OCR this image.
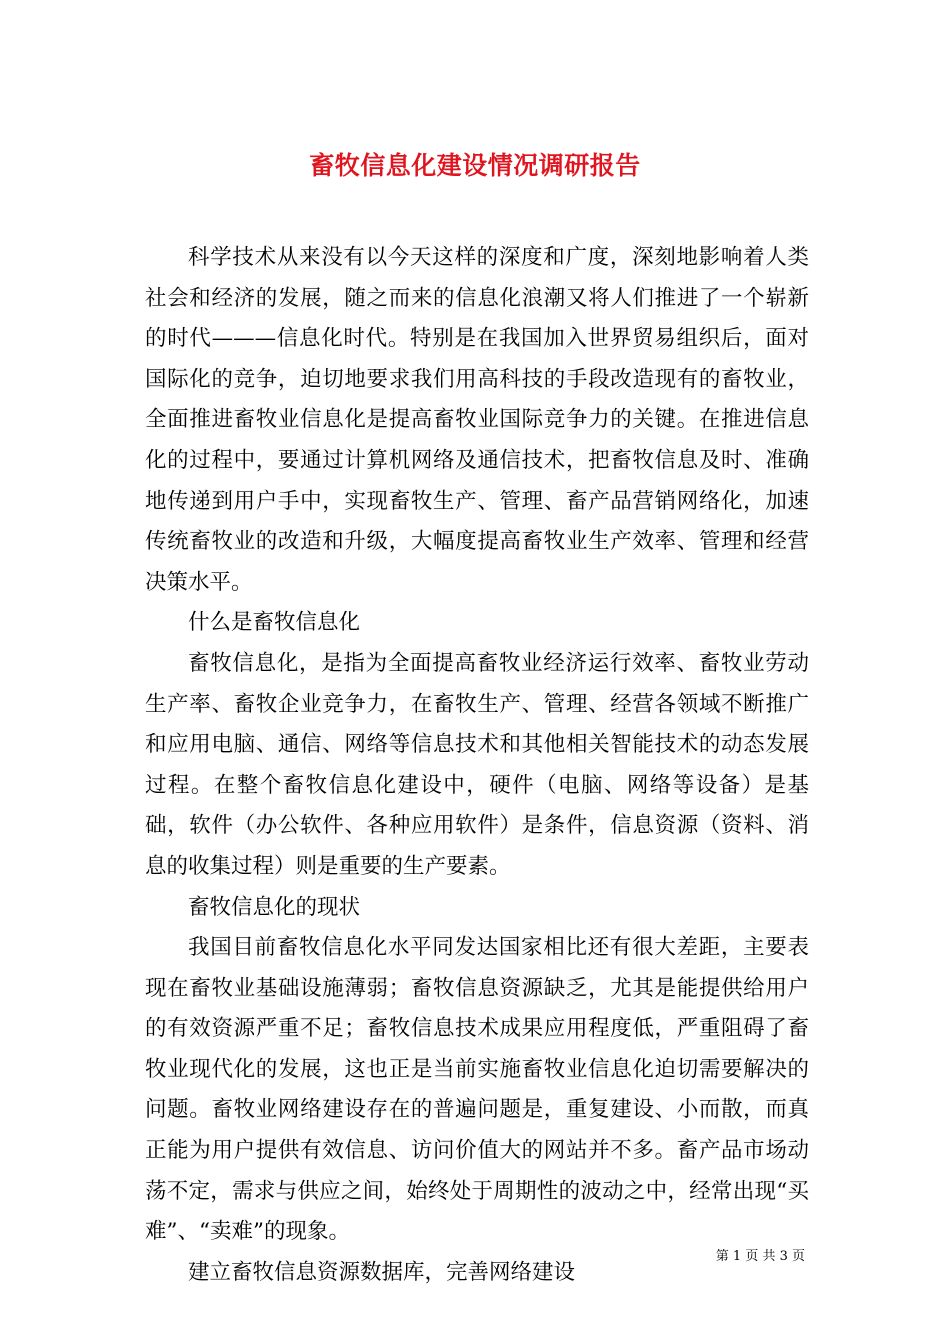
畜牧信息化建设情况调研报告

科学技术从来没有以今天这样的深度和广度，深刻地影响着人类社会和经济的发展，随之而来的信息化浪潮又将人们推进了一个崭新的时代———信息化时代。特别是在我国加入世界贸易组织后，面对国际化的竞争，迫切地要求我们用高科技的手段改造现有的畜牧业，全面推进畜牧业信息化是提高畜牧业国际竞争力的关键。在推进信息化的过程中，要通过计算机网络及通信技术，把畜牧信息及时、准确地传递到用户手中，实现畜牧生产、管理、畜产品营销网络化，加速传统畜牧业的改造和升级，大幅度提高畜牧业生产效率、管理和经营决策水平。

什么是畜牧信息化

畜牧信息化，是指为全面提高畜牧业经济运行效率、畜牧业劳动生产率、畜牧企业竞争力，在畜牧生产、管理、经营各领域不断推广和应用电脑、通信、网络等信息技术和其他相关智能技术的动态发展过程。在整个畜牧信息化建设中，硬件（电脑、网络等设备）是基础，软件（办公软件、各种应用软件）是条件，信息资源（资料、消息的收集过程）则是重要的生产要素。

畜牧信息化的现状

我国目前畜牧信息化水平同发达国家相比还有很大差距，主要表现在畜牧业基础设施薄弱；畜牧信息资源缺乏，尤其是能提供给用户的有效资源严重不足；畜牧信息技术成果应用程度低，严重阻碍了畜牧业现代化的发展，这也正是当前实施畜牧业信息化迫切需要解决的问题。畜牧业网络建设存在的普遍问题是，重复建设、小而散，而真正能为用户提供有效信息、访问价值大的网站并不多。畜产品市场动荡不定，需求与供应之间，始终处于周期性的波动之中，经常出现“买难”、“卖难”的现象。

建立畜牧信息资源数据库，完善网络建设

第 1 页 共 3 页
